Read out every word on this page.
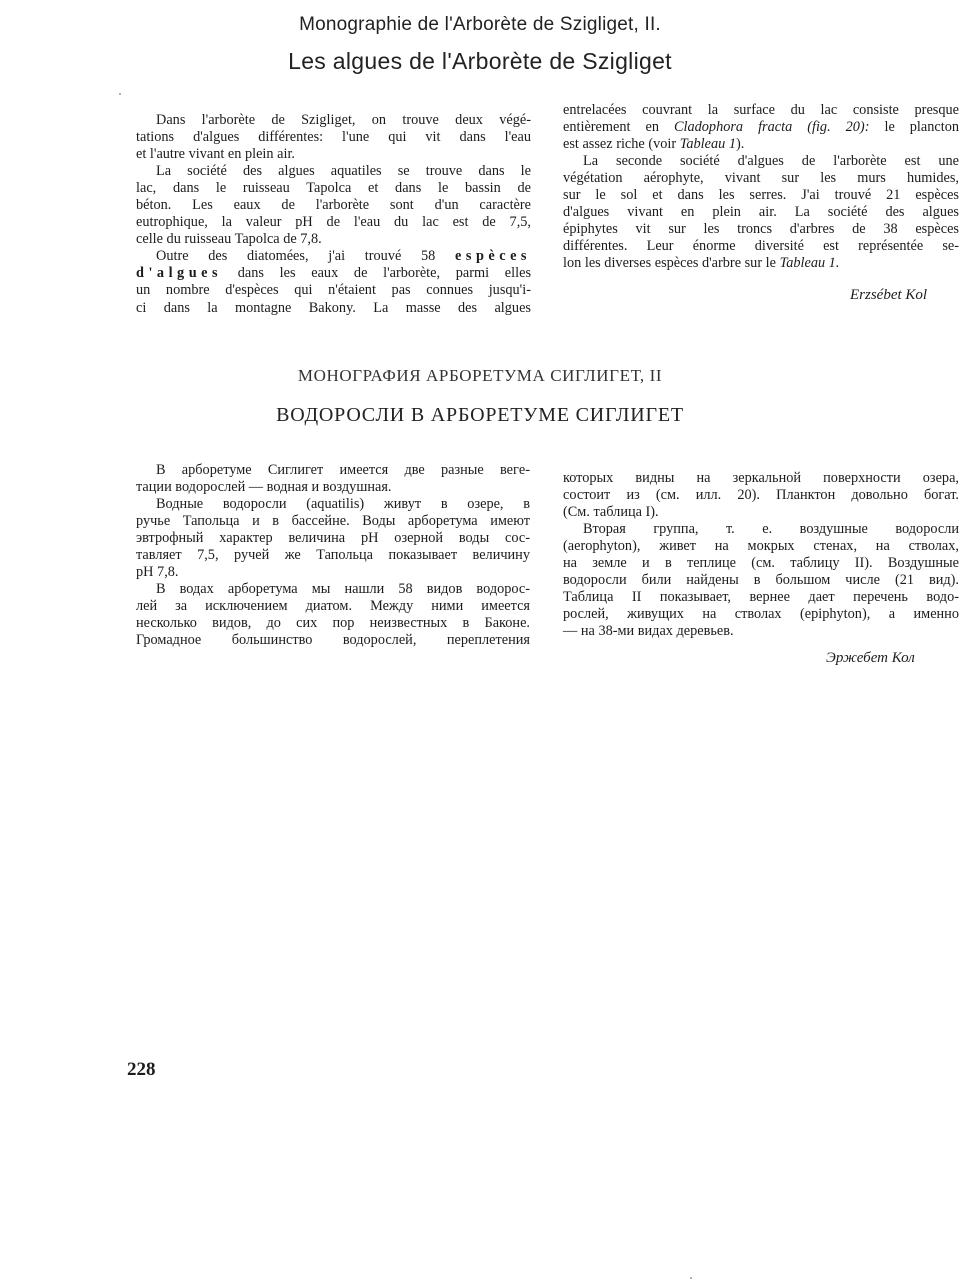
Monographie de l'Arborète de Szigliget, II.
Les algues de l'Arborète de Szigliget
Dans l'arborète de Szigliget, on trouve deux végé-
tations d'algues différentes: l'une qui vit dans l'eau
et l'autre vivant en plein air.
La société des algues aquatiles se trouve dans le
lac, dans le ruisseau Tapolca et dans le bassin de
béton. Les eaux de l'arborète sont d'un caractère
eutrophique, la valeur pH de l'eau du lac est de 7,5,
celle du ruisseau Tapolca de 7,8.
Outre des diatomées, j'ai trouvé 58 espèces
d'algues dans les eaux de l'arborète, parmi elles
un nombre d'espèces qui n'étaient pas connues jusqu'i-
ci dans la montagne Bakony. La masse des algues
entrelacées couvrant la surface du lac consiste presque
entièrement en Cladophora fracta (fig. 20): le plancton
est assez riche (voir Tableau 1).
La seconde société d'algues de l'arborète est une
végétation aérophyte, vivant sur les murs humides,
sur le sol et dans les serres. J'ai trouvé 21 espèces
d'algues vivant en plein air. La société des algues
épiphytes vit sur les troncs d'arbres de 38 espèces
différentes. Leur énorme diversité est représentée se-
lon les diverses espèces d'arbre sur le Tableau 1.
Erzsébet Kol
МОНОГРАФИЯ АРБОРЕТУМА СИГЛИГЕТ, II
ВОДОРОСЛИ В АРБОРЕТУМЕ СИГЛИГЕТ
В арборетуме Сиглигет имеется две разные вегe-
тации водорослей — водная и воздушная.
Водные водоросли (aquatilis) живут в озере, в
ручье Тапольца и в бассейне. Воды арборетума имеют
эвтрофный характер величина pH озерной воды сос-
тавляет 7,5, ручей же Тапольца показывает величину
pH 7,8.
В водах арборетума мы нашли 58 видов водорос-
лей за исключением диатом. Между ними имеется
несколько видов, до сих пор неизвестных в Баконе.
Громадное большинство водорослей, переплетения
которых видны на зеркальной поверхности озера,
состоит из (см. илл. 20). Планктон довольно богат.
(См. таблица I).
Вторая группа, т. е. воздушные водоросли
(aerophyton), живет на мокрых стенах, на стволах,
на земле и в теплице (см. таблицу II). Воздушные
водоросли били найдены в большом числе (21 вид).
Таблица II показывает, вернее дает перечень водо-
рослей, живущих на стволах (epiphyton), а именно
— на 38-ми видах деревьев.
Эржебет Кол
228
